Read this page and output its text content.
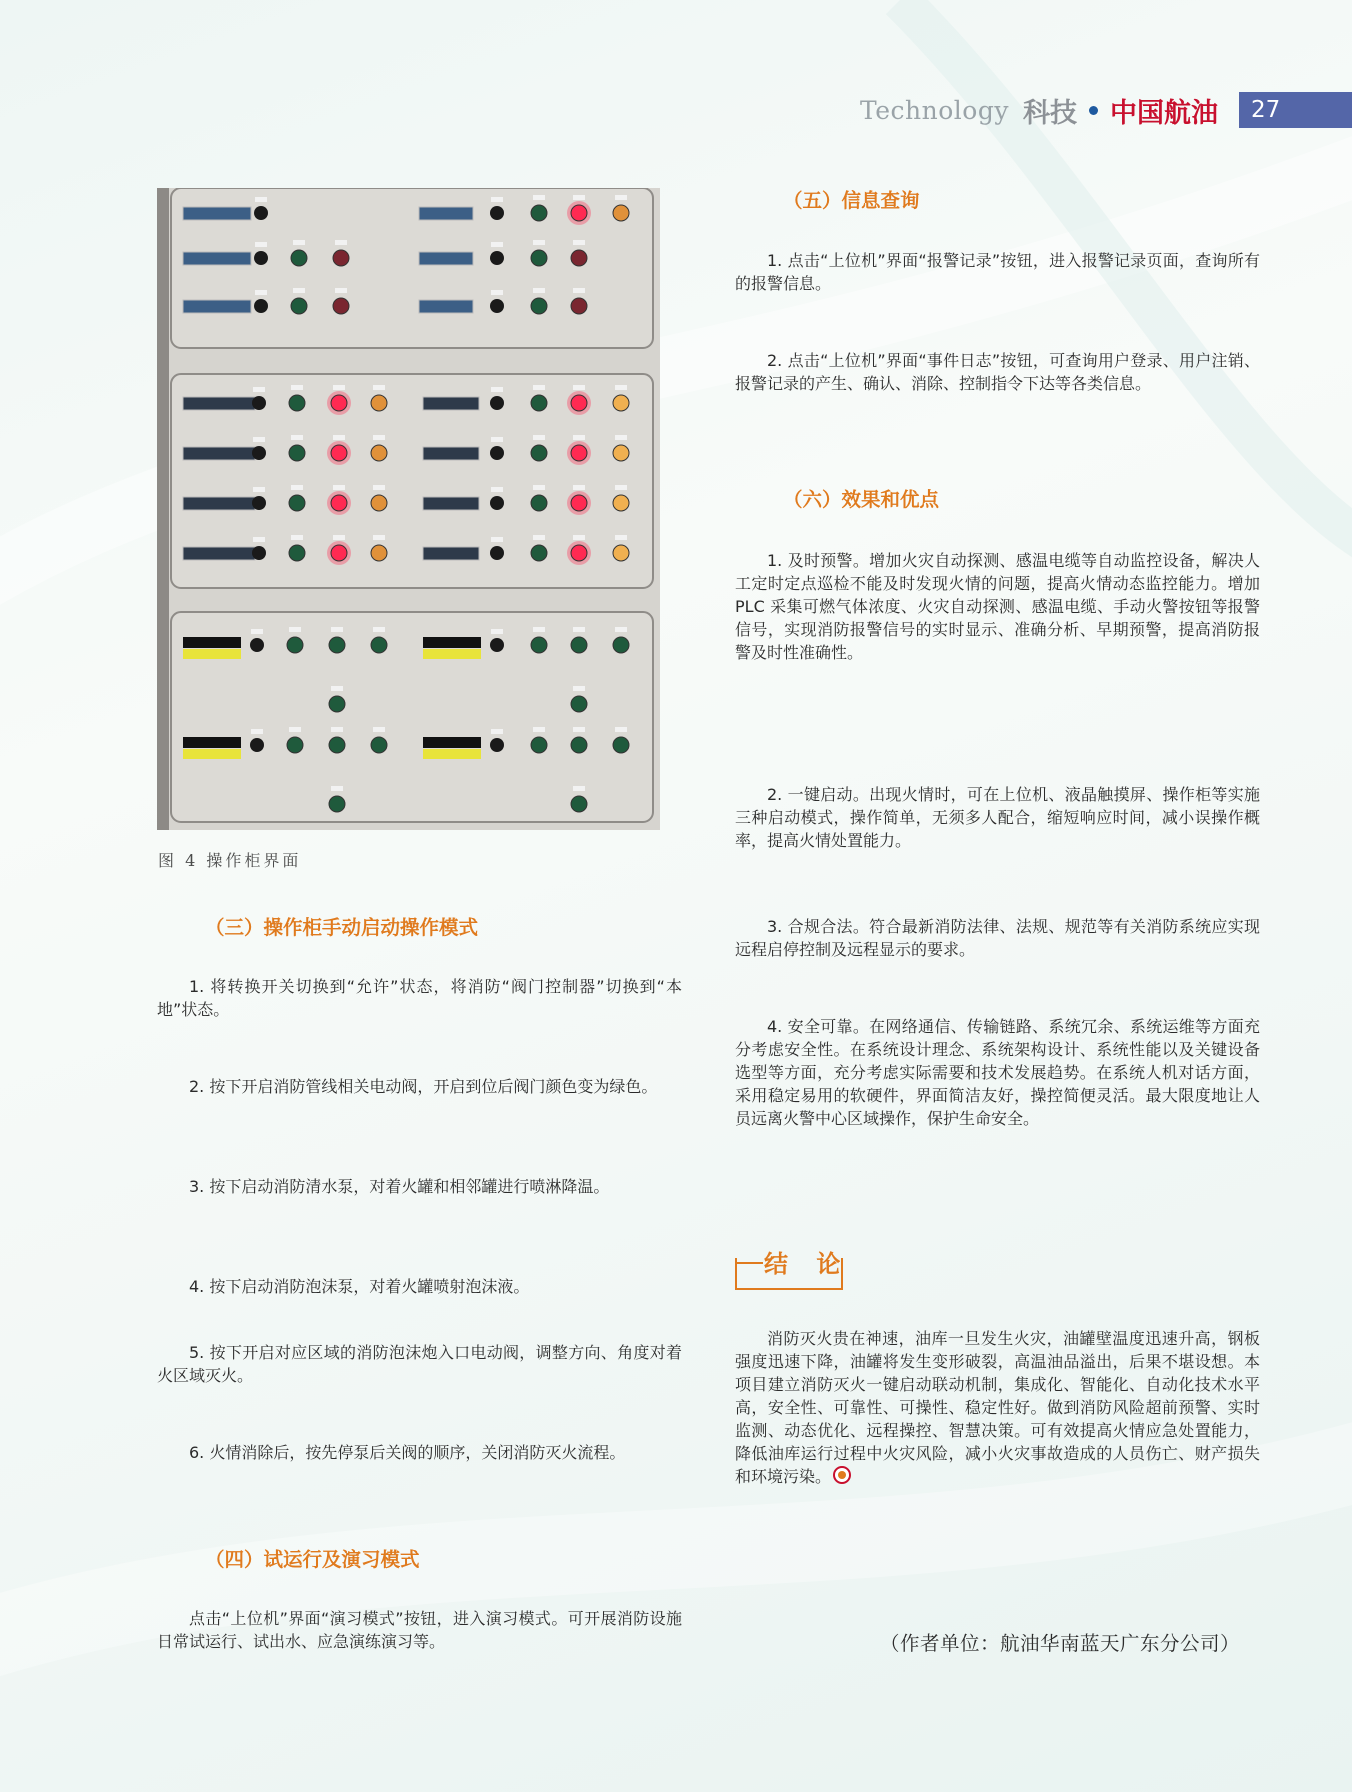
Technology 科技 中国航油	27
图 4 操作柜界面
（三）操作柜手动启动操作模式
1. 将转换开关切换到“允许”状态，将消防“阀门控制器”切换到“本地”状态。
2. 按下开启消防管线相关电动阀，开启到位后阀门颜色变为绿色。
3. 按下启动消防清水泵，对着火罐和相邻罐进行喷淋降温。
4. 按下启动消防泡沫泵，对着火罐喷射泡沫液。
5. 按下开启对应区域的消防泡沫炮入口电动阀，调整方向、角度对着火区域灭火。
6. 火情消除后，按先停泵后关阀的顺序，关闭消防灭火流程。
（四）试运行及演习模式
点击“上位机”界面“演习模式”按钮，进入演习模式。可开展消防设施日常试运行、试出水、应急演练演习等。
（五）信息查询
1. 点击“上位机”界面“报警记录”按钮，进入报警记录页面，查询所有的报警信息。
2. 点击“上位机”界面“事件日志”按钮，可查询用户登录、用户注销、报警记录的产生、确认、消除、控制指令下达等各类信息。
（六）效果和优点
1. 及时预警。增加火灾自动探测、感温电缆等自动监控设备，解决人工定时定点巡检不能及时发现火情的问题，提高火情动态监控能力。增加 PLC 采集可燃气体浓度、火灾自动探测、感温电缆、手动火警按钮等报警信号，实现消防报警信号的实时显示、准确分析、早期预警，提高消防报警及时性准确性。
2. 一键启动。出现火情时，可在上位机、液晶触摸屏、操作柜等实施三种启动模式，操作简单，无须多人配合，缩短响应时间，减小误操作概率，提高火情处置能力。
3. 合规合法。符合最新消防法律、法规、规范等有关消防系统应实现远程启停控制及远程显示的要求。
4. 安全可靠。在网络通信、传输链路、系统冗余、系统运维等方面充分考虑安全性。在系统设计理念、系统架构设计、系统性能以及关键设备选型等方面，充分考虑实际需要和技术发展趋势。在系统人机对话方面，采用稳定易用的软硬件，界面简洁友好，操控简便灵活。最大限度地让人员远离火警中心区域操作，保护生命安全。
结 论
消防灭火贵在神速，油库一旦发生火灾，油罐壁温度迅速升高，钢板强度迅速下降，油罐将发生变形破裂，高温油品溢出，后果不堪设想。本项目建立消防灭火一键启动联动机制，集成化、智能化、自动化技术水平高，安全性、可靠性、可操性、稳定性好。做到消防风险超前预警、实时监测、动态优化、远程操控、智慧决策。可有效提高火情应急处置能力，降低油库运行过程中火灾风险，减小火灾事故造成的人员伤亡、财产损失和环境污染。
（作者单位：航油华南蓝天广东分公司）
